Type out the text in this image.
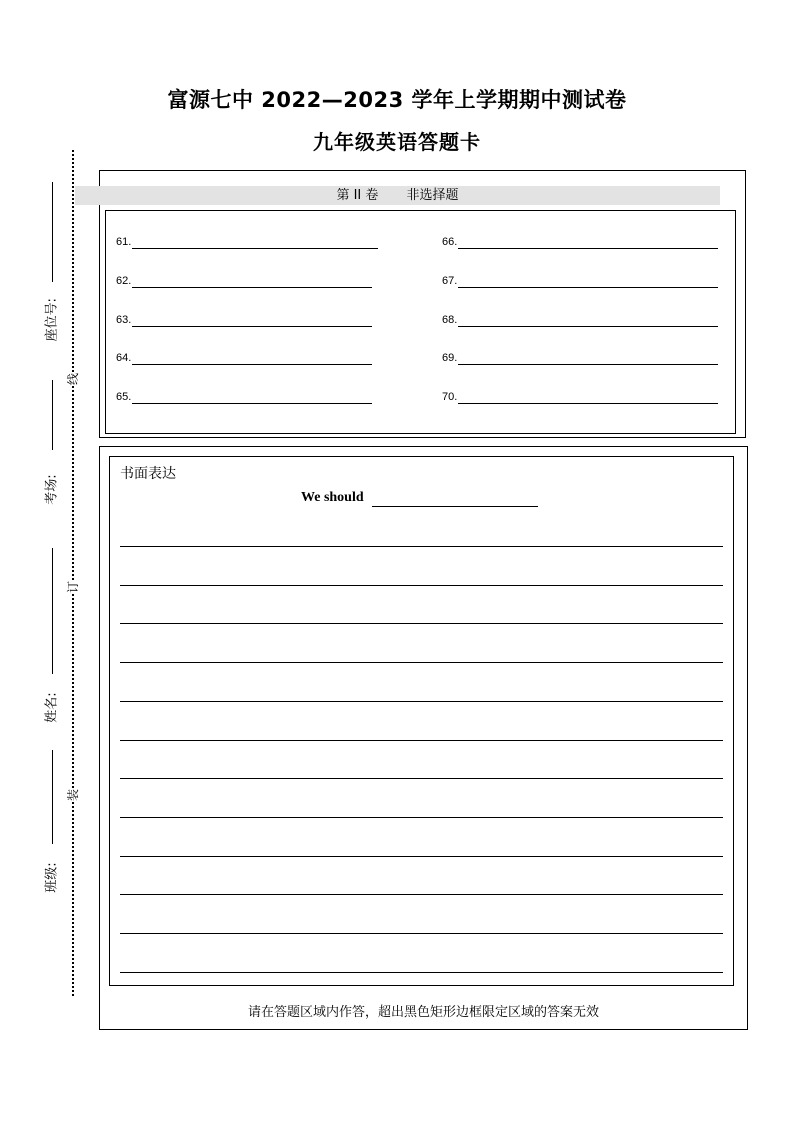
富源七中 2022—2023 学年上学期期中测试卷
九年级英语答题卡
座位号:
考场:
姓名:
班级:
线
订
装
第 II 卷 非选择题
61.
62.
63.
64.
65.
66.
67.
68.
69.
70.
书面表达
We should
请在答题区域内作答，超出黑色矩形边框限定区域的答案无效
